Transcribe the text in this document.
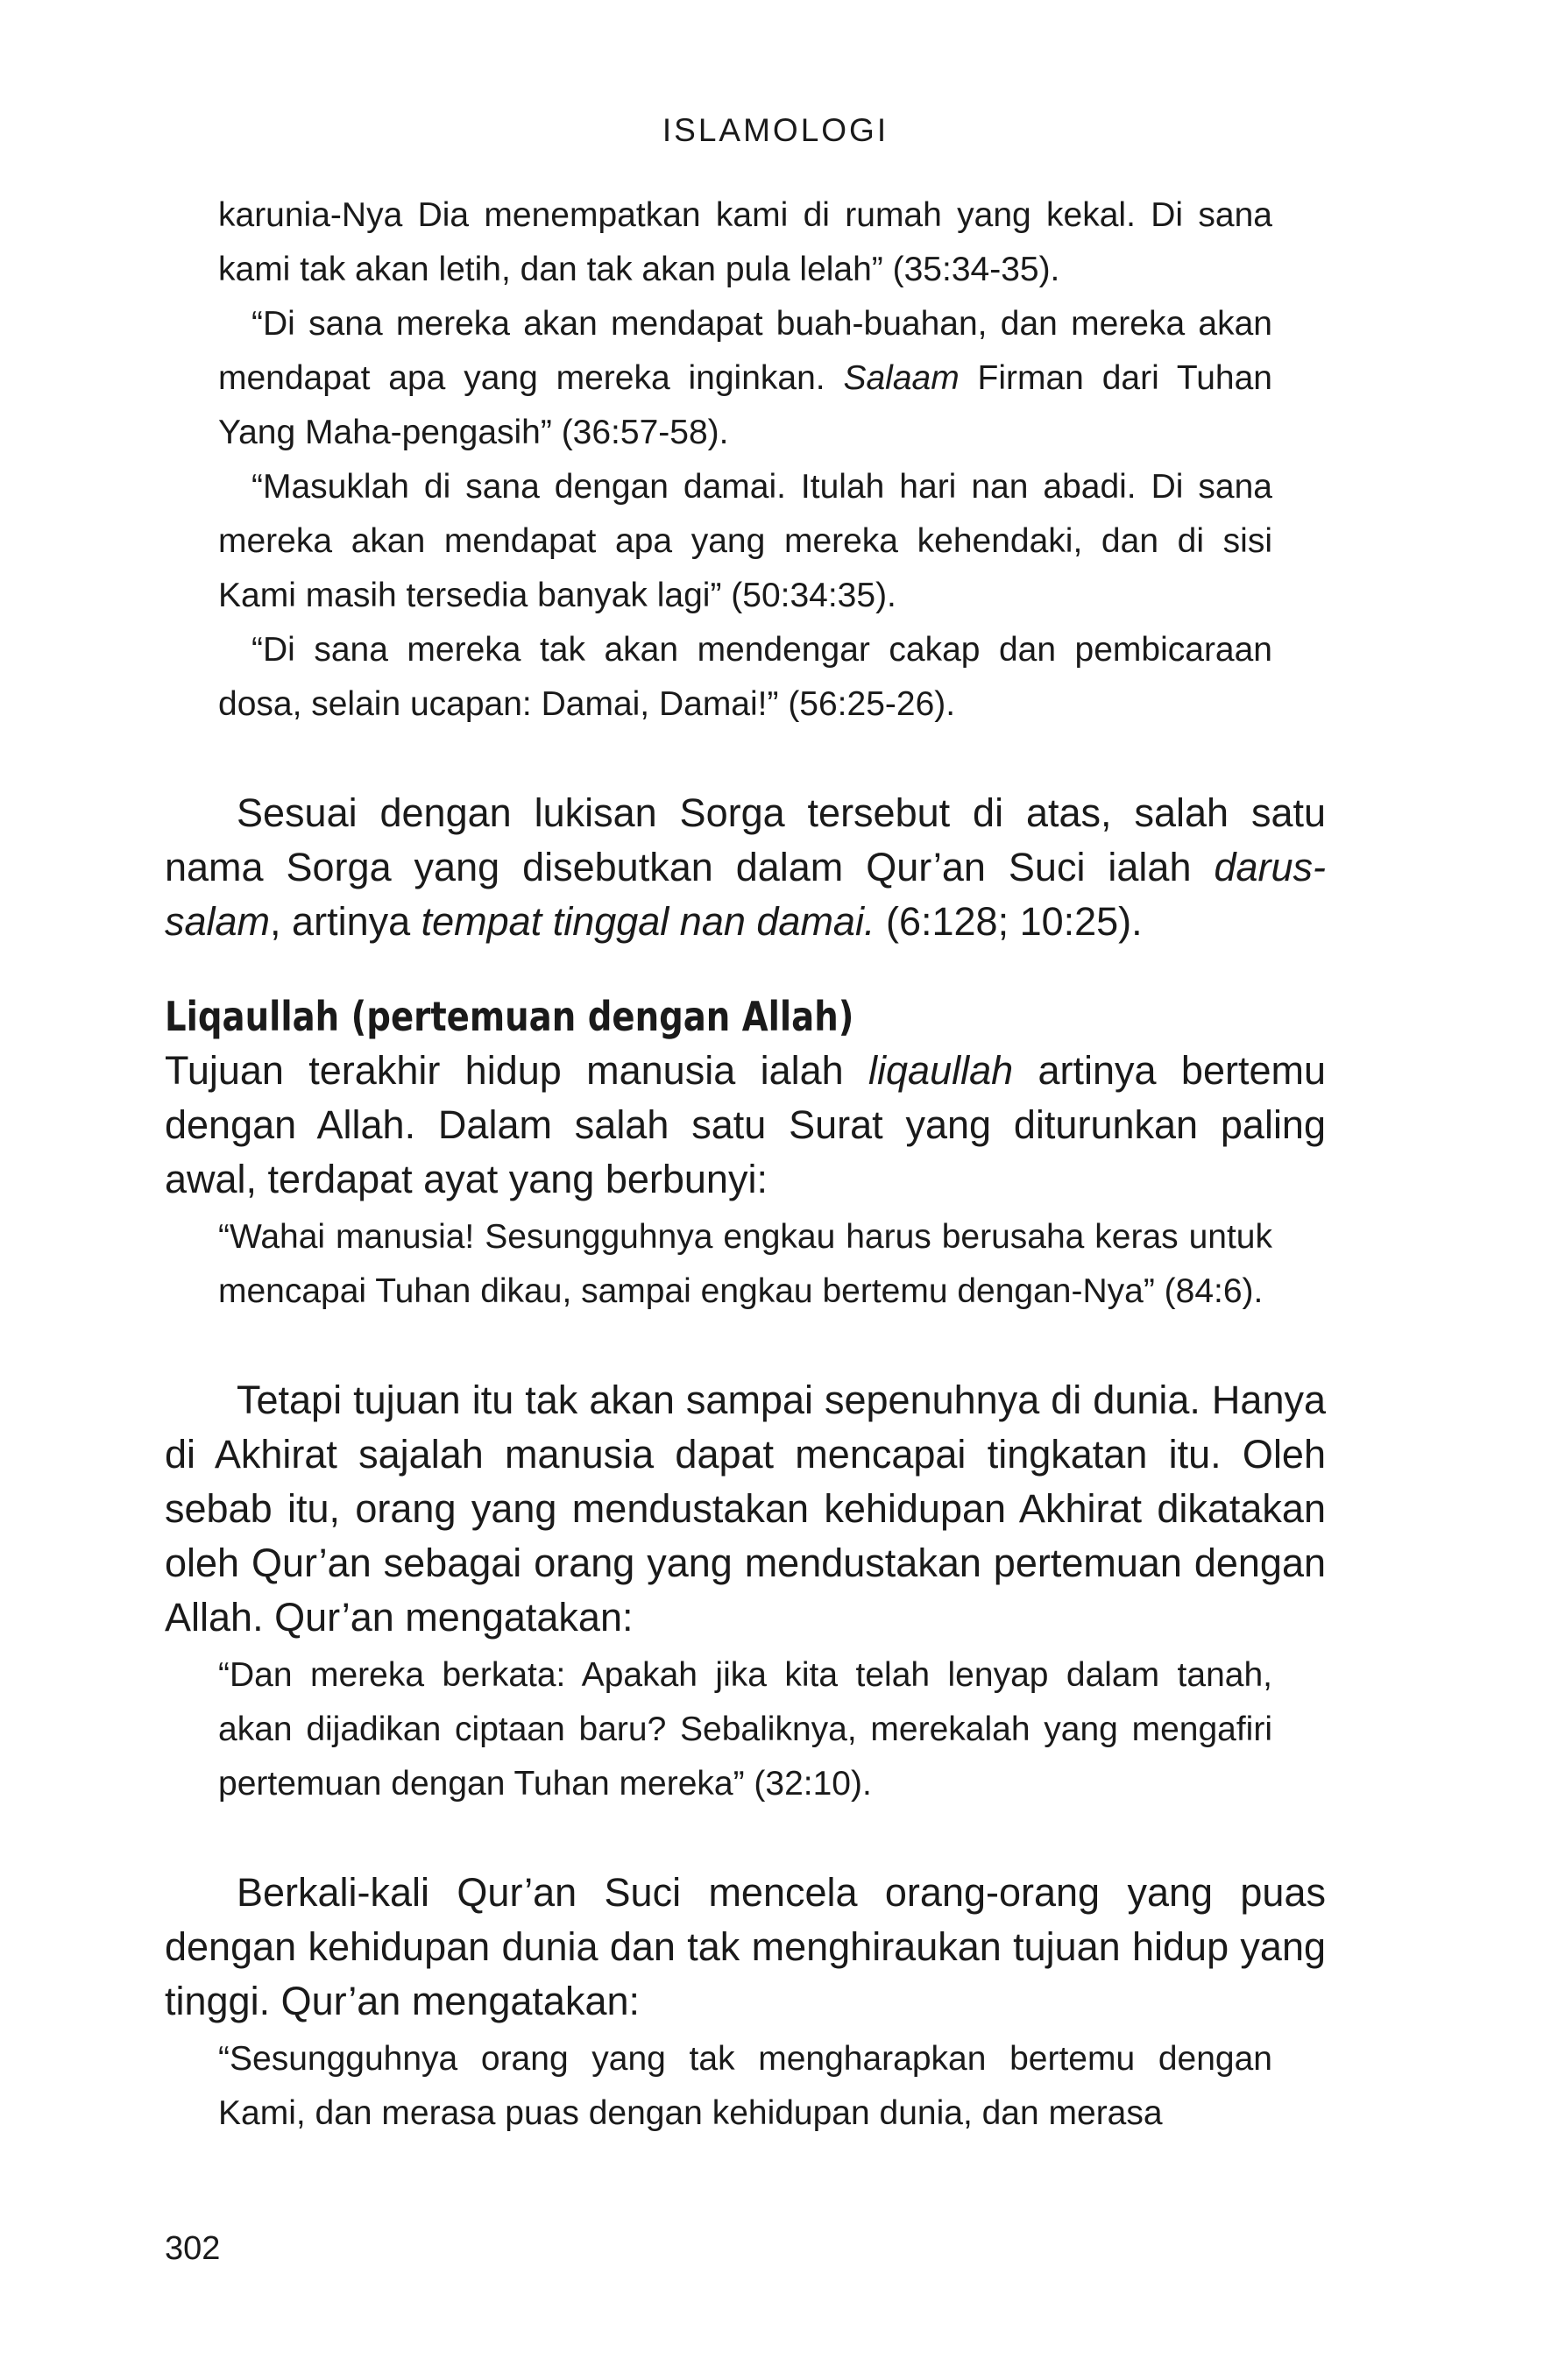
ISLAMOLOGI

karunia-Nya Dia menempatkan kami di rumah yang kekal. Di sana kami tak akan letih, dan tak akan pula lelah” (35:34-35).

“Di sana mereka akan mendapat buah-buahan, dan mereka akan mendapat apa yang mereka inginkan. Salaam Firman dari Tuhan Yang Maha-pengasih” (36:57-58).

“Masuklah di sana dengan damai. Itulah hari nan abadi. Di sana mereka akan mendapat apa yang mereka kehendaki, dan di sisi Kami masih tersedia banyak lagi” (50:34:35).

“Di sana mereka tak akan mendengar cakap dan pembicaraan dosa, selain ucapan: Damai, Damai!” (56:25-26).

Sesuai dengan lukisan Sorga tersebut di atas, salah satu nama Sorga yang disebutkan dalam Qur’an Suci ialah darus-salam, artinya tempat tinggal nan damai. (6:128; 10:25).

Liqaullah (pertemuan dengan Allah)

Tujuan terakhir hidup manusia ialah liqaullah artinya bertemu dengan Allah. Dalam salah satu Surat yang diturunkan paling awal, terdapat ayat yang berbunyi:

“Wahai manusia! Sesungguhnya engkau harus berusaha keras untuk mencapai Tuhan dikau, sampai engkau bertemu dengan-Nya” (84:6).

Tetapi tujuan itu tak akan sampai sepenuhnya di dunia. Hanya di Akhirat sajalah manusia dapat mencapai tingkatan itu. Oleh sebab itu, orang yang mendustakan kehidupan Akhirat dikatakan oleh Qur’an sebagai orang yang mendustakan pertemuan dengan Allah. Qur’an mengatakan:

“Dan mereka berkata: Apakah jika kita telah lenyap dalam tanah, akan dijadikan ciptaan baru? Sebaliknya, merekalah yang mengafiri pertemuan dengan Tuhan mereka” (32:10).

Berkali-kali Qur’an Suci mencela orang-orang yang puas dengan kehidupan dunia dan tak menghiraukan tujuan hidup yang tinggi. Qur’an mengatakan:

“Sesungguhnya orang yang tak mengharapkan bertemu dengan Kami, dan merasa puas dengan kehidupan dunia, dan merasa

302
